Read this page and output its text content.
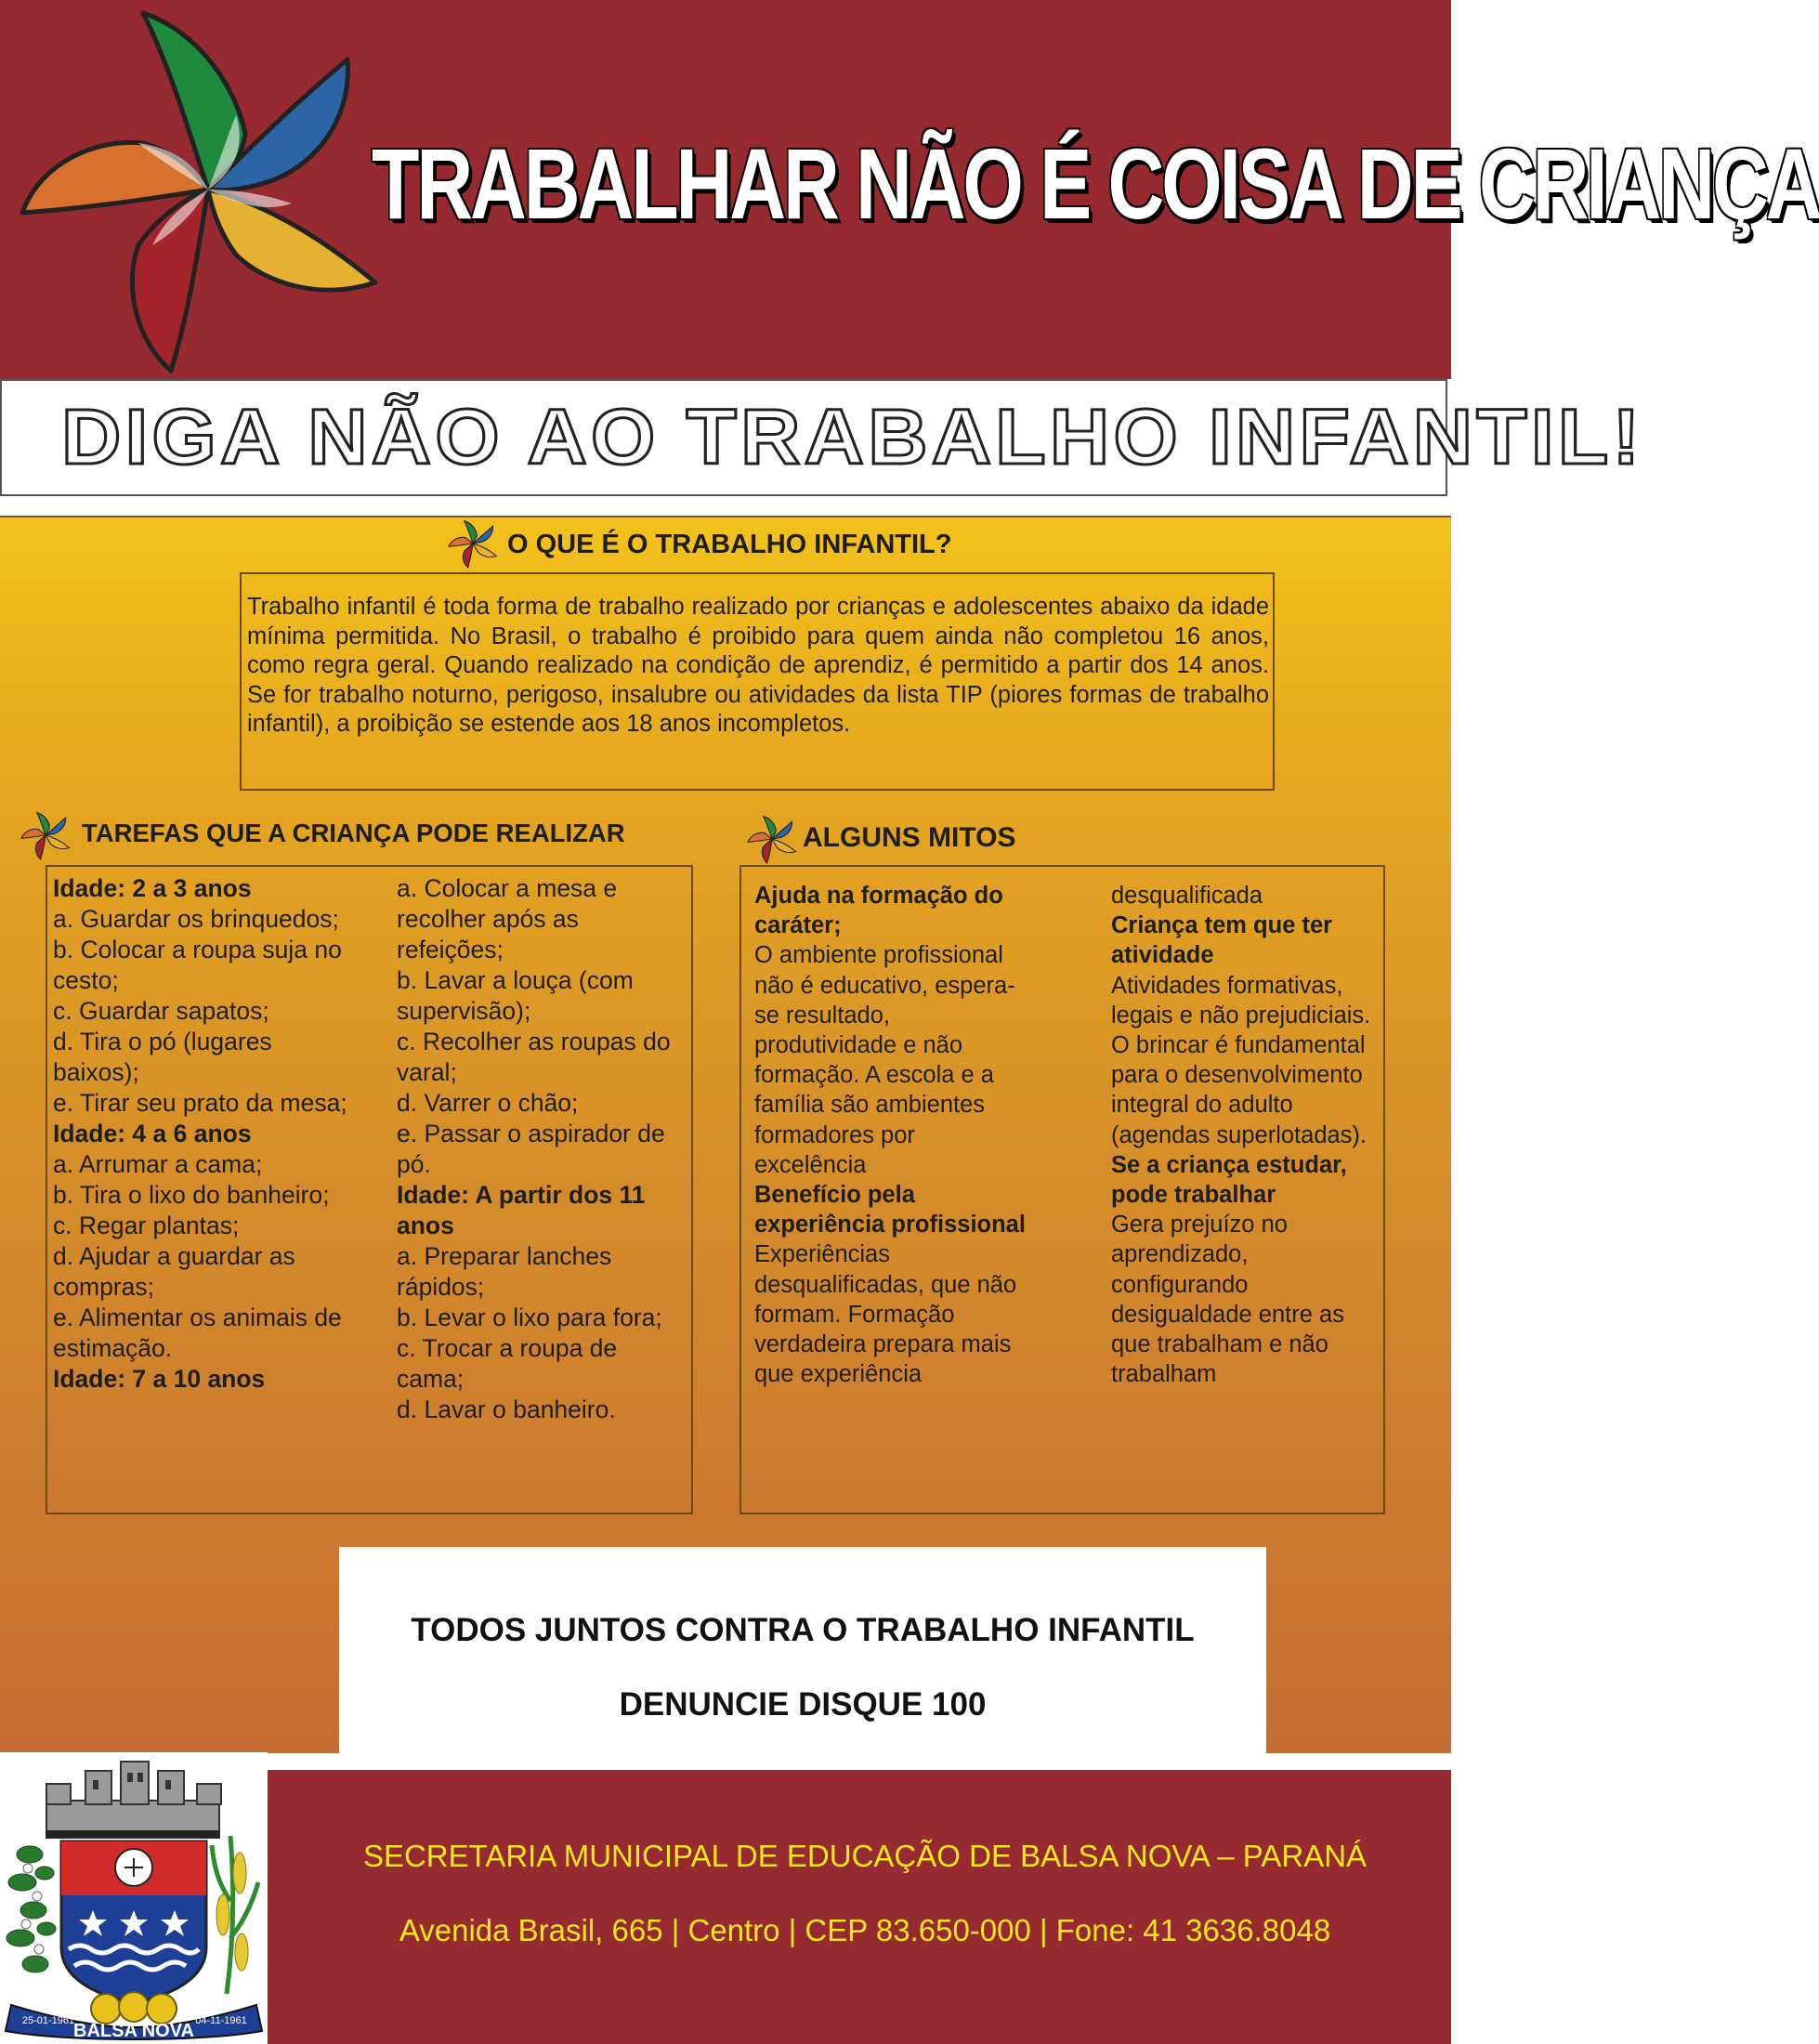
TRABALHAR NÃO É COISA DE CRIANÇA
DIGA NÃO AO TRABALHO INFANTIL!
O QUE É O TRABALHO INFANTIL?
Trabalho infantil é toda forma de trabalho realizado por crianças e adolescentes abaixo da idade mínima permitida. No Brasil, o trabalho é proibido para quem ainda não completou 16 anos, como regra geral. Quando realizado na condição de aprendiz, é permitido a partir dos 14 anos. Se for trabalho noturno, perigoso, insalubre ou atividades da lista TIP (piores formas de trabalho infantil), a proibição se estende aos 18 anos incompletos.
TAREFAS QUE A CRIANÇA PODE REALIZAR

Idade: 2 a 3 anos

a. Guardar os brinquedos;

b. Colocar a roupa suja no cesto;

c. Guardar sapatos;

d. Tira o pó (lugares baixos);

e. Tirar seu prato da mesa;

Idade: 4 a 6 anos

a. Arrumar a cama;

b. Tira o lixo do banheiro;

c. Regar plantas;

d. Ajudar a guardar as compras;

e. Alimentar os animais de estimação.

Idade: 7 a 10 anos

a. Colocar a mesa e recolher após as refeições;

b. Lavar a louça (com supervisão);

c. Recolher as roupas do varal;

d. Varrer o chão;

e. Passar o aspirador de pó.

Idade: A partir dos 11 anos

a. Preparar lanches rápidos;

b. Levar o lixo para fora;

c. Trocar a roupa de cama;

d. Lavar o banheiro.

ALGUNS MITOS

Ajuda na formação do caráter;

O ambiente profissional não é educativo, espera-se resultado, produtividade e não formação. A escola e a família são ambientes formadores por excelência

Benefício pela experiência profissional

Experiências desqualificadas, que não formam. Formação verdadeira prepara mais que experiência

desqualificada

Criança tem que ter atividade

Atividades formativas, legais e não prejudiciais. O brincar é fundamental para o desenvolvimento integral do adulto (agendas superlotadas).

Se a criança estudar, pode trabalhar

Gera prejuízo no aprendizado, configurando desigualdade entre as que trabalham e não trabalham

TODOS JUNTOS CONTRA O TRABALHO INFANTIL
DENUNCIE DISQUE 100
25-01-1961	04-11-1961
BALSA NOVA
SECRETARIA MUNICIPAL DE EDUCAÇÃO DE BALSA NOVA – PARANÁ
Avenida Brasil, 665 | Centro | CEP 83.650-000 | Fone: 41 3636.8048
